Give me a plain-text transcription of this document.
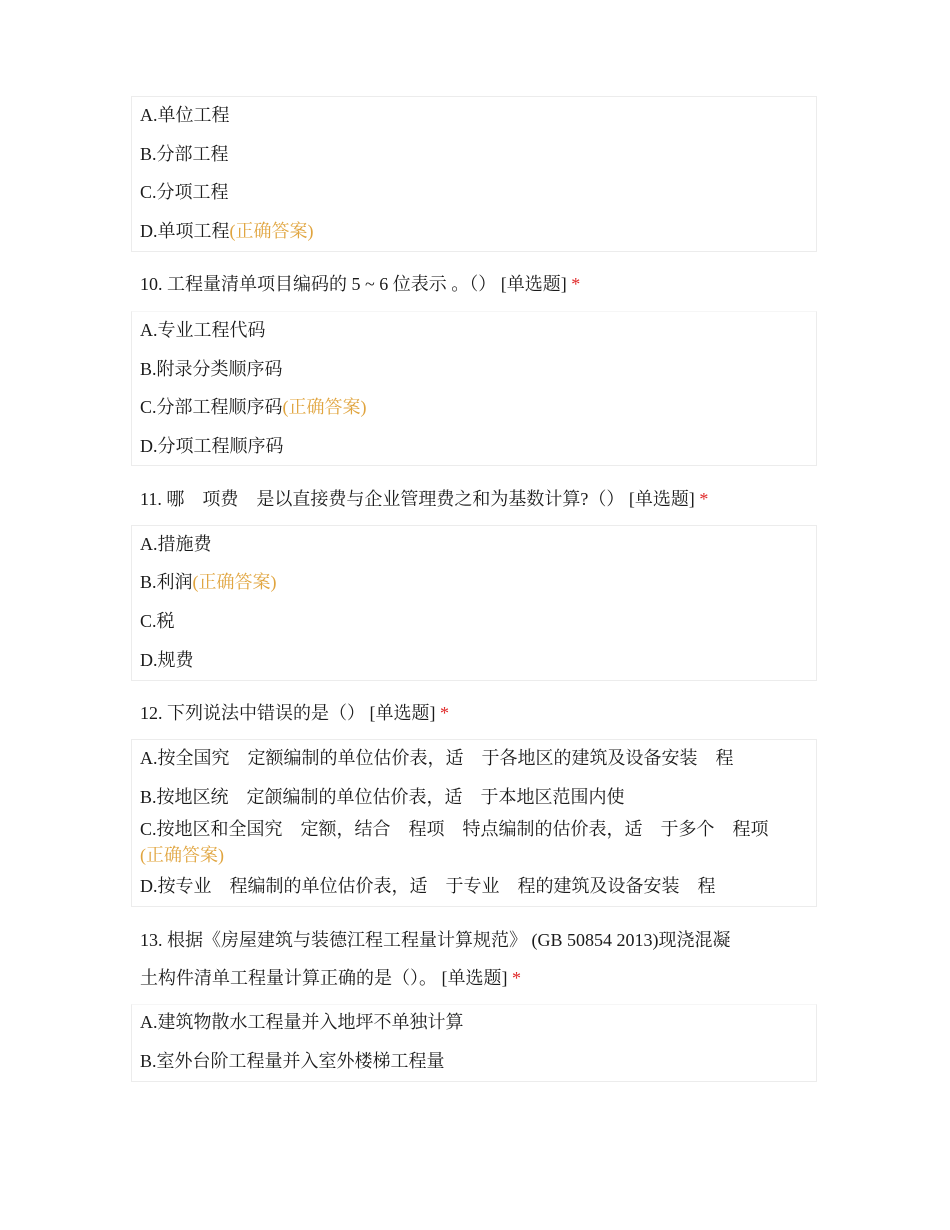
A.单位工程
B.分部工程
C.分项工程
D.单项工程(正确答案)
10. 工程量清单项目编码的 5 ~ 6 位表示 。（） [单选题] *
A.专业工程代码
B.附录分类顺序码
C.分部工程顺序码(正确答案)
D.分项工程顺序码
11. 哪　项费　是以直接费与企业管理费之和为基数计算?（） [单选题] *
A.措施费
B.利润(正确答案)
C.税
D.规费
12. 下列说法中错误的是（） [单选题] *
A.按全国究　定额编制的单位估价表，适　于各地区的建筑及设备安装　程
B.按地区统　定颌编制的单位估价表，适　于本地区范围内使
C.按地区和全国究　定额，结合　程项　特点编制的估价表，适　于多个　程项
(正确答案)
D.按专业　程编制的单位估价表，适　于专业　程的建筑及设备安装　程
13. 根据《房屋建筑与装德江程工程量计算规范》 (GB 50854 2013)现浇混凝
土构件清单工程量计算正确的是（）。 [单选题] *
A.建筑物散水工程量并入地坪不单独计算
B.室外台阶工程量并入室外楼梯工程量
